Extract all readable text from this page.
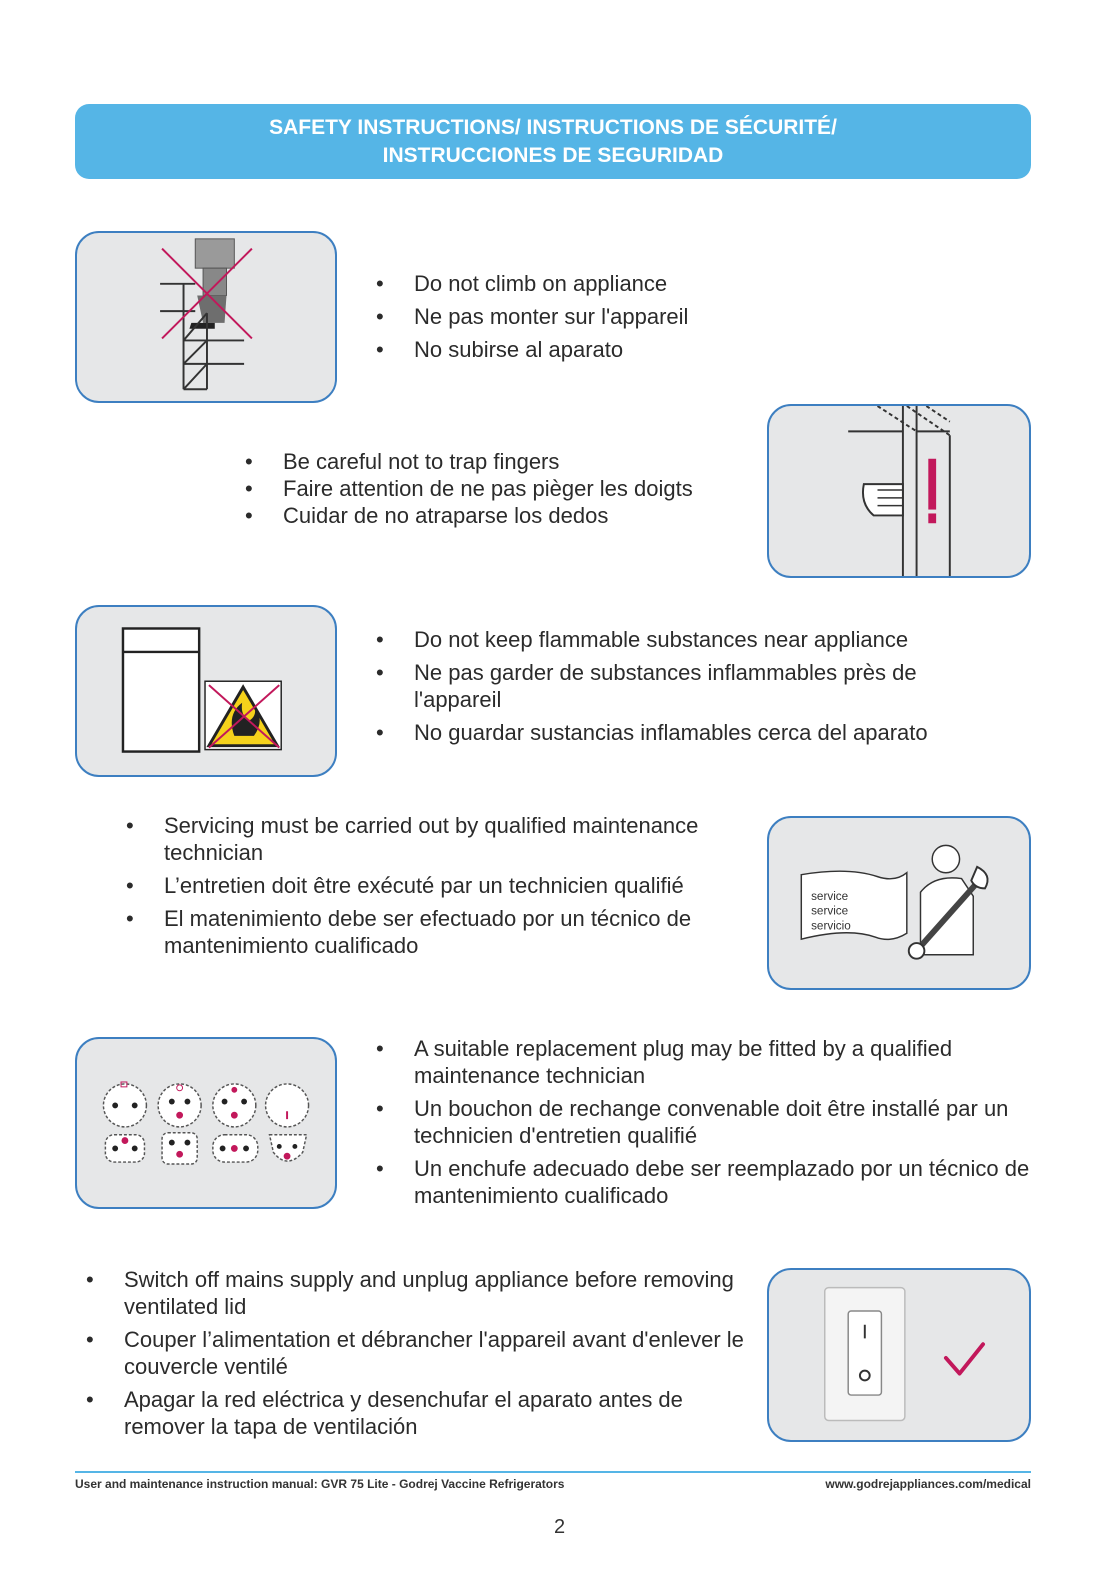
SAFETY INSTRUCTIONS/ INSTRUCTIONS DE SÉCURITÉ/
INSTRUCCIONES DE SEGURIDAD
• Do not climb on appliance
• Ne pas monter sur l'appareil
• No subirse al aparato
• Be careful not to trap fingers
• Faire attention de ne pas pièger les doigts
• Cuidar de no atraparse los dedos
• Do not keep flammable substances near appliance
• Ne pas garder de substances inflammables près de l'appareil
• No guardar sustancias inflamables cerca del aparato
• Servicing must be carried out by qualified maintenance technician
• L’entretien doit être exécuté par un technicien qualifié
• El matenimiento debe ser efectuado por un técnico de mantenimiento cualificado
service
service
servicio
• A suitable replacement plug may be fitted by a qualified maintenance technician
• Un bouchon de rechange convenable doit être installé par un technicien d'entretien qualifié
• Un enchufe adecuado debe ser reemplazado por un técnico de mantenimiento cualificado
• Switch off mains supply and unplug appliance before removing ventilated lid
• Couper l’alimentation et débrancher l'appareil avant d'enlever le couvercle ventilé
• Apagar la red eléctrica y desenchufar el aparato antes de remover la tapa de ventilación
User and maintenance instruction manual: GVR 75 Lite - Godrej Vaccine Refrigerators	www.godrejappliances.com/medical
2
